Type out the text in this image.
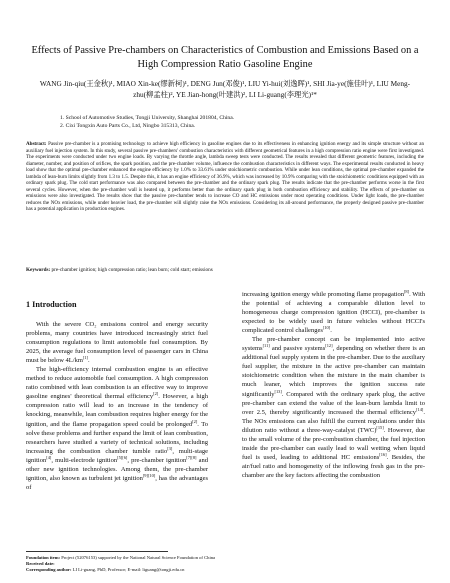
Effects of Passive Pre-chambers on Characteristics of Combustion and Emissions Based on a High Compression Ratio Gasoline Engine
WANG Jin-qiu(王金秋)¹, MIAO Xin-ke(缪新柯)¹, DENG Jun(邓俊)¹, LIU Yi-hui(刘逸晖)¹, SHI Jia-ye(施佳叶)¹, LIU Meng-zhu(柳孟柱)², YE Jian-hong(叶建洪)², LI Li-guang(李理光)¹*
1. School of Automotive Studies, Tongji University, Shanghai 201804, China.
2. Cixi Tongxin Auto Parts Co., Ltd, Ningbo 315313, China.
Abstract: Passive pre-chamber is a promising technology to achieve high efficiency in gasoline engines due to its effectiveness in enhancing ignition energy and its simple structure without an auxiliary fuel injection system. In this study, several passive pre-chambers' combustion characteristics with different geometrical features in a high compression ratio engine were first investigated. The experiments were conducted under two engine loads. By varying the throttle angle, lambda sweep tests were conducted. The results revealed that different geometric features, including the diameter, number, and position of orifices, the spark position, and the pre-chamber volume, influence the combustion characteristics in different ways. The experimental results conducted in heavy load show that the optimal pre-chamber enhanced the engine efficiency by 1.0% to 33.61% under stoichiometric combustion. While under lean conditions, the optimal pre-chamber expanded the lambda of lean-burn limits slightly from 1.3 to 1.5. Despite this, it has an engine efficiency of 36.9%, which was increased by 10.9% comparing with the stoichiometric conditions equipped with an ordinary spark plug. The cold start performance was also compared between the pre-chamber and the ordinary spark plug. The results indicate that the pre-chamber performs worse in the first several cycles. However, when the pre-chamber wall is heated up, it performs better than the ordinary spark plug in both combustion efficiency and stability. The effects of pre-chamber on emissions were also investigated. The results show that the passive pre-chamber tends to increase CO and HC emissions under most operating conditions. Under light loads, the pre-chamber reduces the NOx emissions, while under heavier load, the pre-chamber will slightly raise the NOx emissions. Considering its all-around performance, the properly designed passive pre-chamber has a potential application in production engines.
Keywords: pre-chamber ignition; high compression ratio; lean burn; cold start; emissions
1 Introduction

With the severe CO₂ emissions control and energy security problems, many countries have introduced increasingly strict fuel consumption regulations to limit automobile fuel consumption. By 2025, the average fuel consumption level of passenger cars in China must be below 4L/km[1].

The high-efficiency internal combustion engine is an effective method to reduce automobile fuel consumption. A high compression ratio combined with lean combustion is an effective way to improve gasoline engines' theoretical thermal efficiency[2]. However, a high compression ratio will lead to an increase in the tendency of knocking, meanwhile, lean combustion requires higher energy for the ignition, and the flame propagation speed could be prolonged[2]. To solve these problems and further expand the limit of lean combustion, researchers have studied a variety of technical solutions, including increasing the combustion chamber tumble ratio[3], multi-stage ignition[4], multi-electrode ignition[5][6], pre-chamber ignition[7][8] and other new ignition technologies. Among them, the pre-chamber ignition, also known as turbulent jet ignition[9][10], has the advantages of

increasing ignition energy while promoting flame propagation[8]. With the potential of achieving a comparable dilution level to homogeneous charge compression ignition (HCCI), pre-chamber is expected to be widely used in future vehicles without HCCI's complicated control challenges[10].

The pre-chamber concept can be implemented into active systems[11] and passive systems[12], depending on whether there is an additional fuel supply system in the pre-chamber. Due to the auxiliary fuel supplier, the mixture in the active pre-chamber can maintain stoichiometric condition when the mixture in the main chamber is much leaner, which improves the ignition success rate significantly[13]. Compared with the ordinary spark plug, the active pre-chamber can extend the value of the lean-burn lambda limit to over 2.5, thereby significantly increased the thermal efficiency[14]. The NOx emissions can also fulfill the current regulations under this dilution ratio without a three-way-catalyst (TWC)[15]. However, due to the small volume of the pre-combustion chamber, the fuel injection inside the pre-chamber can easily lead to wall wetting when liquid fuel is used, leading to additional HC emissions[16]. Besides, the air/fuel ratio and homogeneity of the inflowing fresh gas in the pre-chamber are the key factors affecting the combustion

Foundation item: Project (52076153) supported by the National Natural Science Foundation of China
Received date:
Corresponding author: LI Li-guang, PhD, Professor; E-mail: liguang@tongji.edu.cn
